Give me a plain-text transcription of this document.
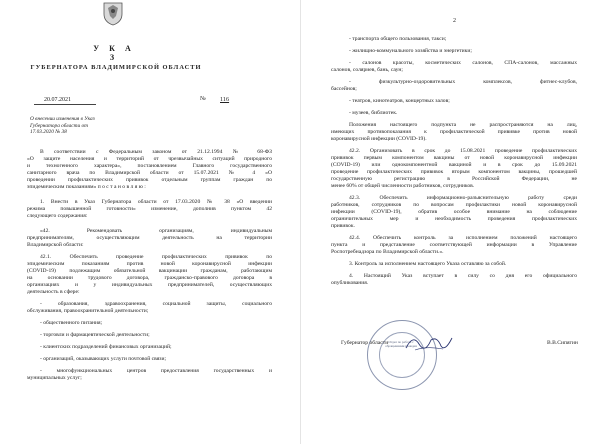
У К А З
ГУБЕРНАТОРА ВЛАДИМИРСКОЙ ОБЛАСТИ
20.07.2021	№ 116
О внесении изменения в Указ
Губернатора области от
17.03.2020 № 38
В соответствии с Федеральным законом от 21.12.1994 № 68-ФЗ
«О защите населения и территорий от чрезвычайных ситуаций природного
и техногенного характера», постановлением Главного государственного
санитарного врача по Владимирской области от 15.07.2021 № 4 «О
проведении профилактических прививок отдельным группам граждан по
эпидемическим показаниям» п о с т а н о в л я ю :
1. Внести в Указ Губернатора области от 17.03.2020 № 38 «О введении
режима повышенной готовности» изменение, дополнив пунктом 42
следующего содержания:
«42. Рекомендовать организациям, индивидуальным
предпринимателям, осуществляющим деятельность на территории
Владимирской области:
42.1. Обеспечить проведение профилактических прививок по
эпидемическим показаниям против новой коронавирусной инфекции
(COVID-19) подлежащим обязательной вакцинации гражданам, работающим
на основании трудового договора, гражданско-правового договора в
организациях и у индивидуальных предпринимателей, осуществляющих
деятельность в сфере:
- образования, здравоохранения, социальной защиты, социального
обслуживания, правоохранительной деятельности;
- общественного питания;
- торговли и фармацевтической деятельности;
- клиентских подразделений финансовых организаций;
- организаций, оказывающих услуги почтовой связи;
- многофункциональных центров предоставления государственных и
муниципальных услуг;
2
- транспорта общего пользования, такси;
- жилищно-коммунального хозяйства и энергетики;
- салонов красоты, косметических салонов, СПА-салонов, массажных
салонов, соляриев, бань, саун;
- физкультурно-оздоровительных комплексов, фитнес-клубов,
бассейнов;
- театров, кинотеатров, концертных залов;
- музеев, библиотек.
Положения настоящего подпункта не распространяются на лиц,
имеющих противопоказания к профилактической прививке против новой
коронавирусной инфекции (COVID-19).
42.2. Организовать в срок до 15.08.2021 проведение профилактических
прививок первым компонентом вакцины от новой коронавирусной инфекции
(COVID-19) или однокомпонентной вакциной и в срок до 15.09.2021
проведение профилактических прививок вторым компонентом вакцины, прошедшей
государственную регистрацию в Российской Федерации, не
менее 60% от общей численности работников, сотрудников.
42.3. Обеспечить информационно-разъяснительную работу среди
работников, сотрудников по вопросам профилактики новой коронавирусной
инфекции (COVID-19), обратив особое внимание на соблюдение
ограничительных мер и необходимость проведения профилактических
прививок.
42.4. Обеспечить контроль за исполнением положений настоящего
пункта и представление соответствующей информации в Управление
Роспотребнадзора по Владимирской области.».
3. Контроль за исполнением настоящего Указа оставляю за собой.
4. Настоящий Указ вступает в силу со дня его официального
опубликования.
Отдел по работе с обращениями граждан
Губернатор области	В.В.Сипягин
